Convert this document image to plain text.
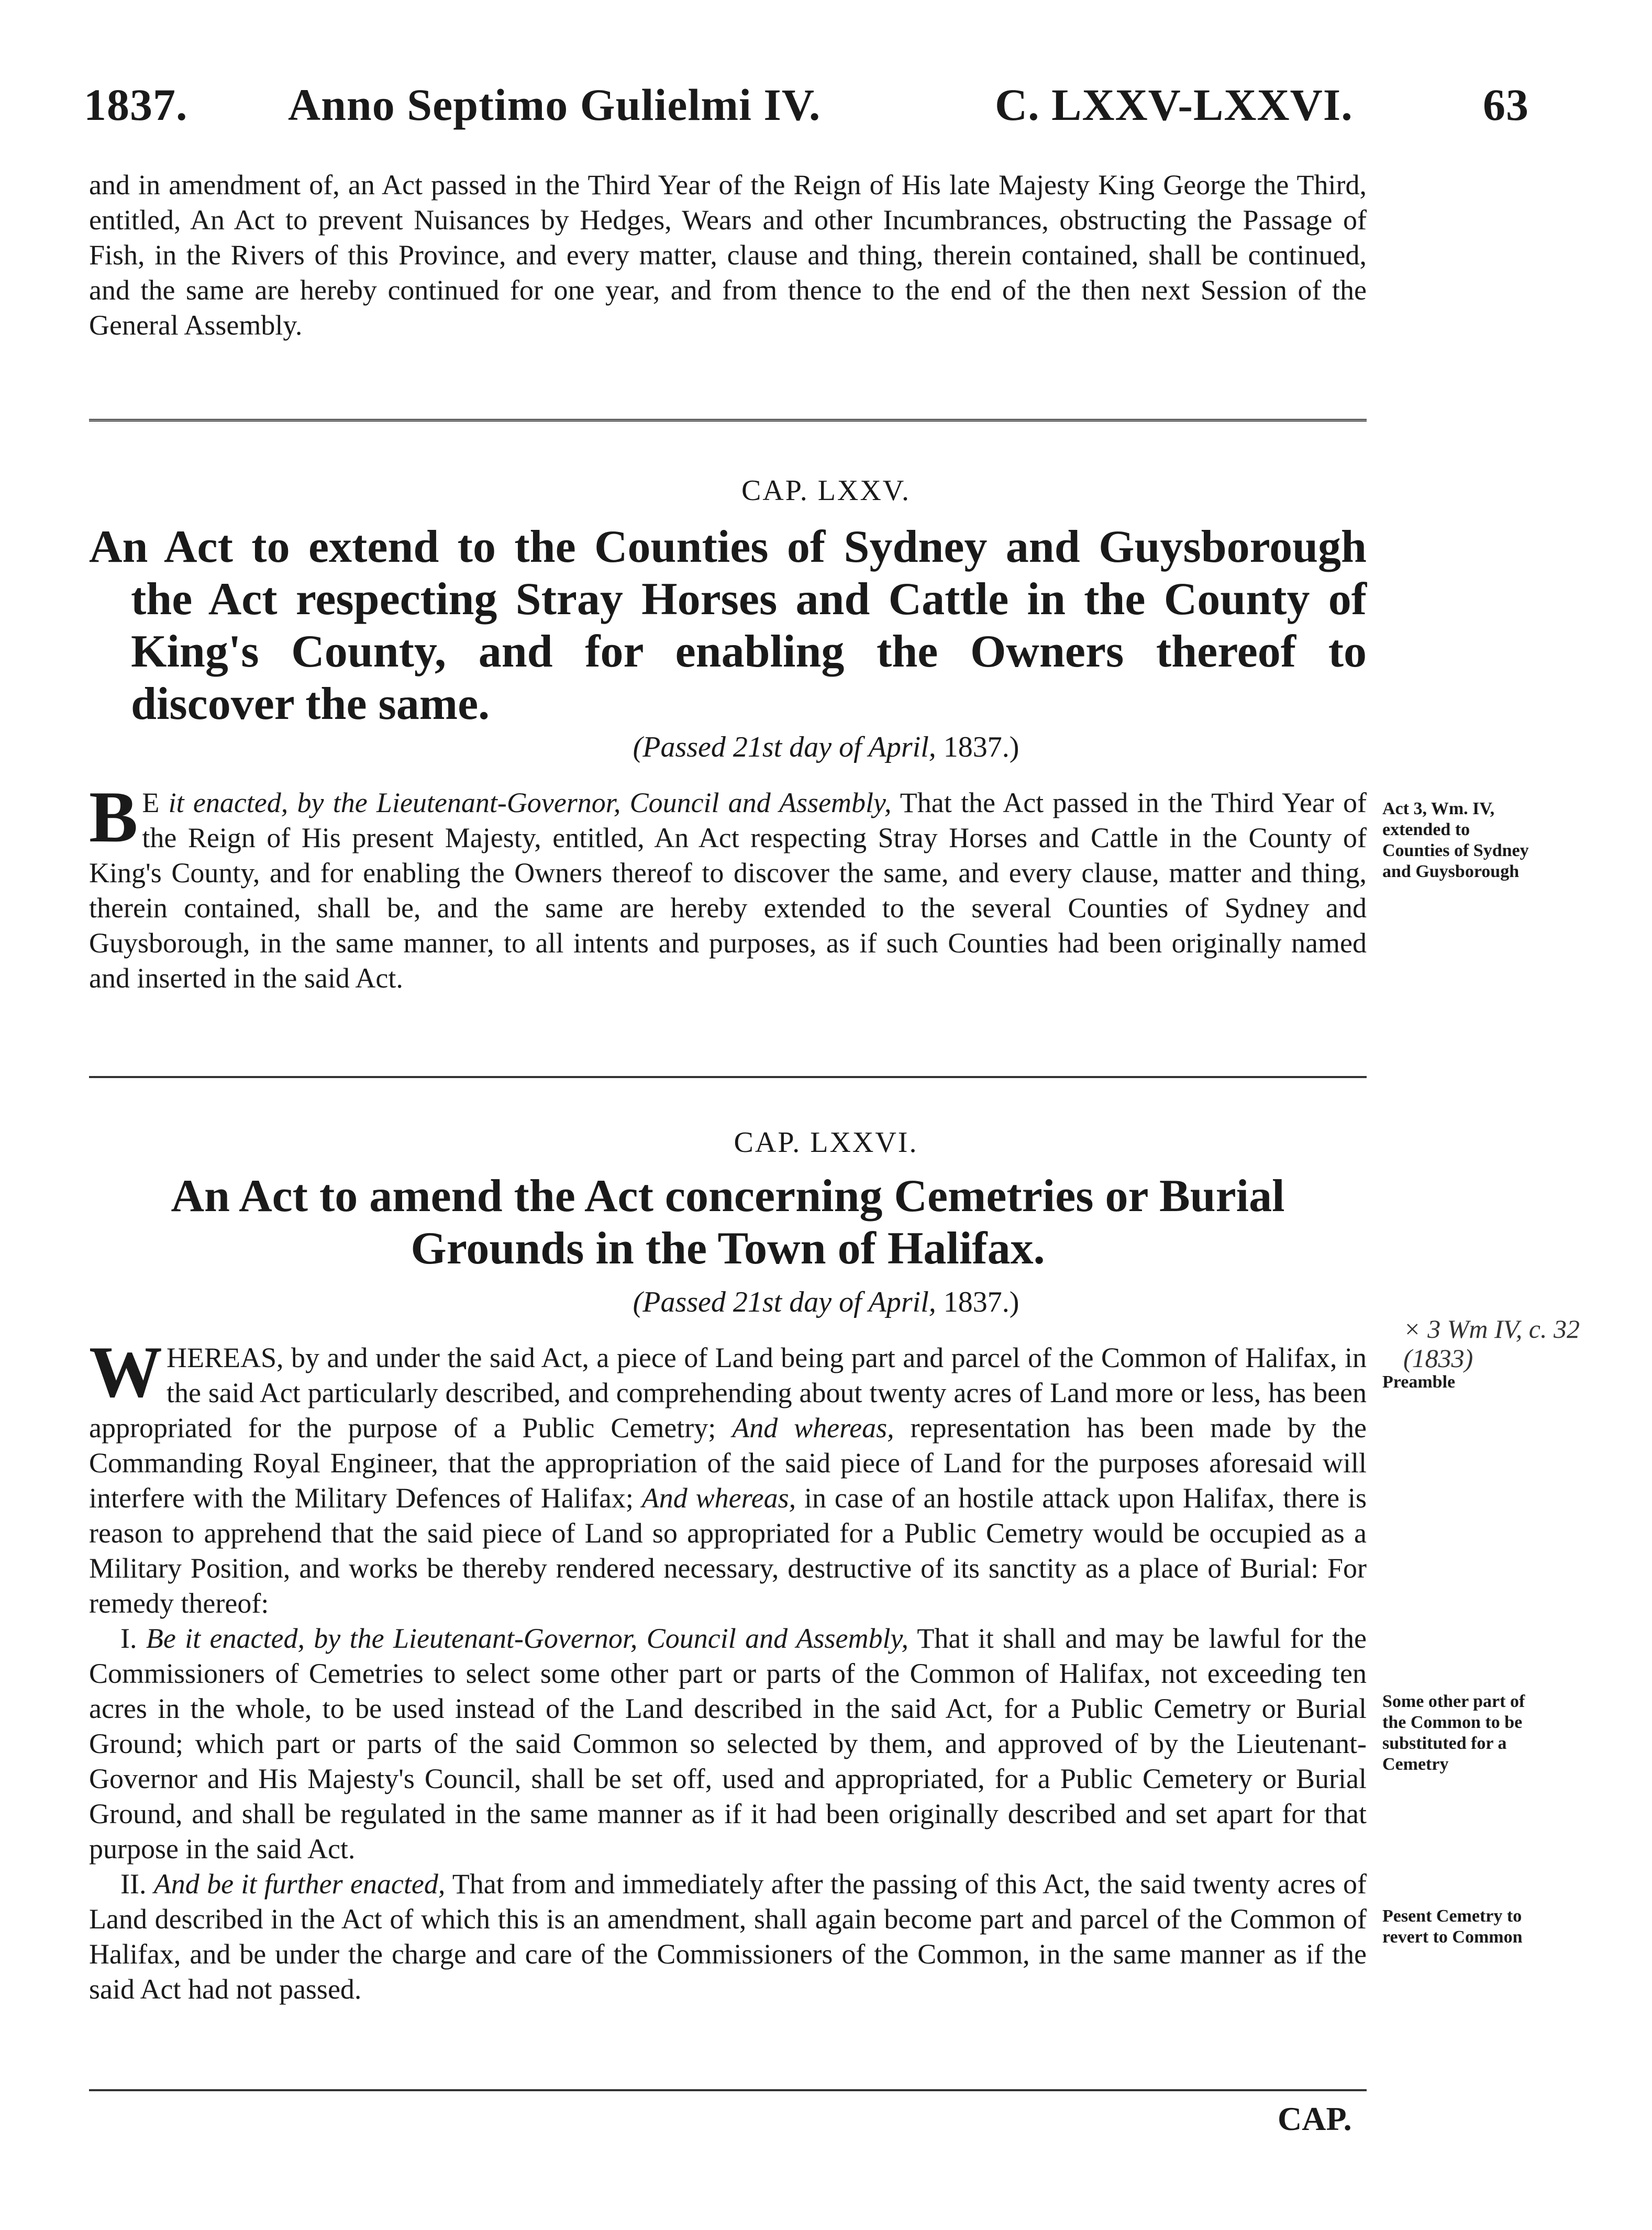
1837. Anno Septimo Gulielmi IV.	C. LXXV-LXXVI.	63

and in amendment of, an Act passed in the Third Year of the Reign of His late Majesty King George the Third, entitled, An Act to prevent Nuisances by Hedges, Wears and other Incumbrances, obstructing the Passage of Fish, in the Rivers of this Province, and every matter, clause and thing, therein contained, shall be continued, and the same are hereby continued for one year, and from thence to the end of the then next Session of the General Assembly.

CAP. LXXV.

An Act to extend to the Counties of Sydney and Guysborough the Act respecting Stray Horses and Cattle in the County of King's County, and for enabling the Owners thereof to discover the same.

(Passed 21st day of April, 1837.)

B E it enacted, by the Lieutenant-Governor, Council and Assembly, That the Act passed in the Third Year of the Reign of His present Majesty, entitled, An Act respecting Stray Horses and Cattle in the County of King's County, and for enabling the Owners thereof to discover the same, and every clause, matter and thing, therein contained, shall be, and the same are hereby extended to the several Counties of Sydney and Guysborough, in the same manner, to all intents and purposes, as if such Counties had been originally named and inserted in the said Act.

Act 3, Wm. IV, extended to Counties of Sydney and Guysborough
CAP. LXXVI.

An Act to amend the Act concerning Cemetries or Burial Grounds in the Town of Halifax.

(Passed 21st day of April, 1837.)
× 3 Wm IV, c. 32 (1833)

WHEREAS, by and under the said Act, a piece of Land being part and parcel of the Common of Halifax, in the said Act particularly described, and comprehending about twenty acres of Land more or less, has been appropriated for the purpose of a Public Cemetry; And whereas, representation has been made by the Commanding Royal Engineer, that the appropriation of the said piece of Land for the purposes aforesaid will interfere with the Military Defences of Halifax; And whereas, in case of an hostile attack upon Halifax, there is reason to apprehend that the said piece of Land so appropriated for a Public Cemetry would be occupied as a Military Position, and works be thereby rendered necessary, destructive of its sanctity as a place of Burial: For remedy thereof:

I. Be it enacted, by the Lieutenant-Governor, Council and Assembly, That it shall and may be lawful for the Commissioners of Cemetries to select some other part or parts of the Common of Halifax, not exceeding ten acres in the whole, to be used instead of the Land described in the said Act, for a Public Cemetry or Burial Ground; which part or parts of the said Common so selected by them, and approved of by the Lieutenant-Governor and His Majesty's Council, shall be set off, used and appropriated, for a Public Cemetery or Burial Ground, and shall be regulated in the same manner as if it had been originally described and set apart for that purpose in the said Act.

II. And be it further enacted, That from and immediately after the passing of this Act, the said twenty acres of Land described in the Act of which this is an amendment, shall again become part and parcel of the Common of Halifax, and be under the charge and care of the Commissioners of the Common, in the same manner as if the said Act had not passed.

Preamble
Some other part of the Common to be substituted for a Cemetry
Pesent Cemetry to revert to Common
CAP.
